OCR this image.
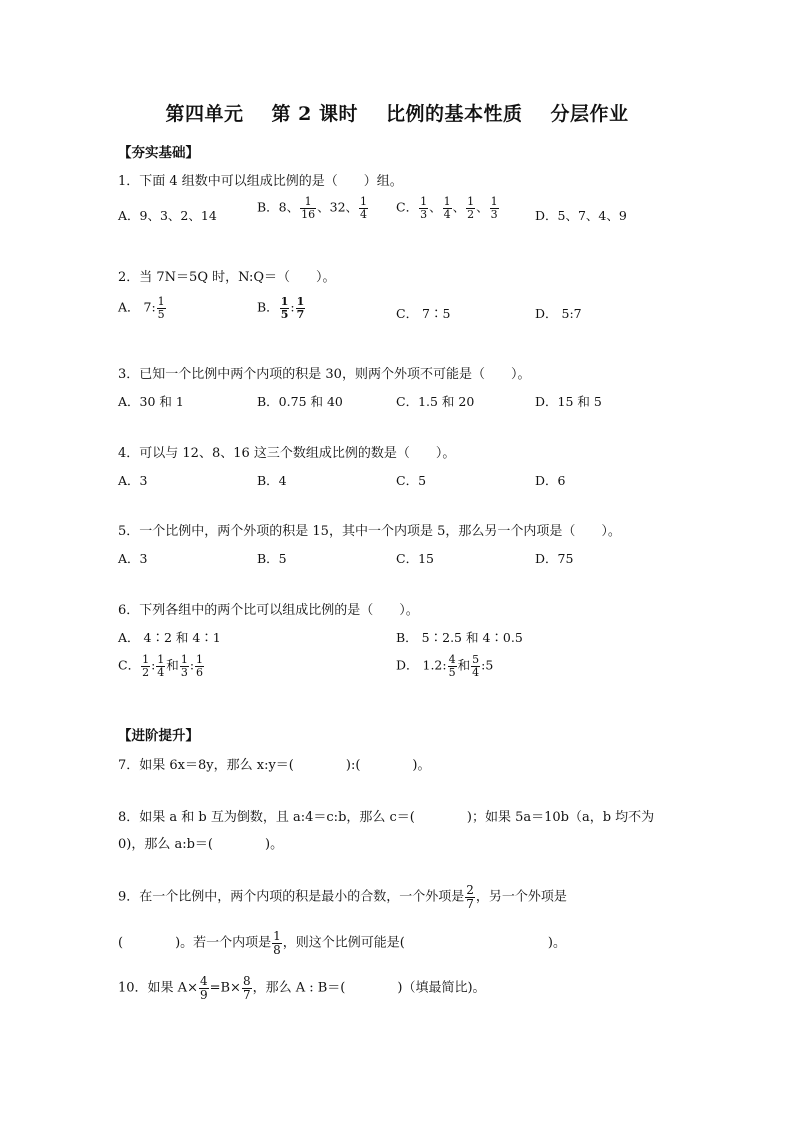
第四单元 第 2 课时 比例的基本性质 分层作业
【夯实基础】
1．下面 4 组数中可以组成比例的是（　　）组。
A．9、3、2、14
B．8、 $\frac{1}{16}$ 、32、 $\frac{1}{4}$ C． $\frac{1}{3}$ 、 $\frac{1}{4}$ 、 $\frac{1}{2}$ 、 $\frac{1}{3}$	D．5、7、4、9
2．当 7N＝5Q 时，N:Q＝（　　）。
A． 7: $\frac{1}{5}$	B． $\frac{1}{5}$ : $\frac{1}{7}$	C． 7∶5	D． 5:7
3．已知一个比例中两个内项的积是 30，则两个外项不可能是（　　）。
A．30 和 1	B．0.75 和 40	C．1.5 和 20	D．15 和 5
4．可以与 12、8、16 这三个数组成比例的数是（　　）。
A．3	B．4	C．5	D．6
5．一个比例中，两个外项的积是 15，其中一个内项是 5，那么另一个内项是（　　）。
A．3	B．5	C．15	D．75
6．下列各组中的两个比可以组成比例的是（　　）。
A． 4∶2 和 4∶1	B． 5∶2.5 和 4∶0.5
C． $\frac{1}{2}$ : $\frac{1}{4}$ 和 $\frac{1}{3}$ : $\frac{1}{6}$	D． 1.2: $\frac{4}{5}$ 和 $\frac{5}{4}$ :5
【进阶提升】
7．如果 6x＝8y，那么 x:y＝(　　　　):(　　　　)。
8．如果 a 和 b 互为倒数，且 a:4＝c:b，那么 c＝(　　　　)；如果 5a＝10b（a，b 均不为
0)，那么 a:b＝(　　　　)。
9．在一个比例中，两个内项的积是最小的合数，一个外项是 $\frac{2}{7}$ ，另一个外项是
(　　　　)。若一个内项是 $\frac{1}{8}$ ，则这个比例可能是(　　　　　　　　　　　)。
10．如果 $A\times \frac{4}{9} =B\times \frac{8}{7}$ ，那么 A : B＝(　　　　)（填最简比)。
